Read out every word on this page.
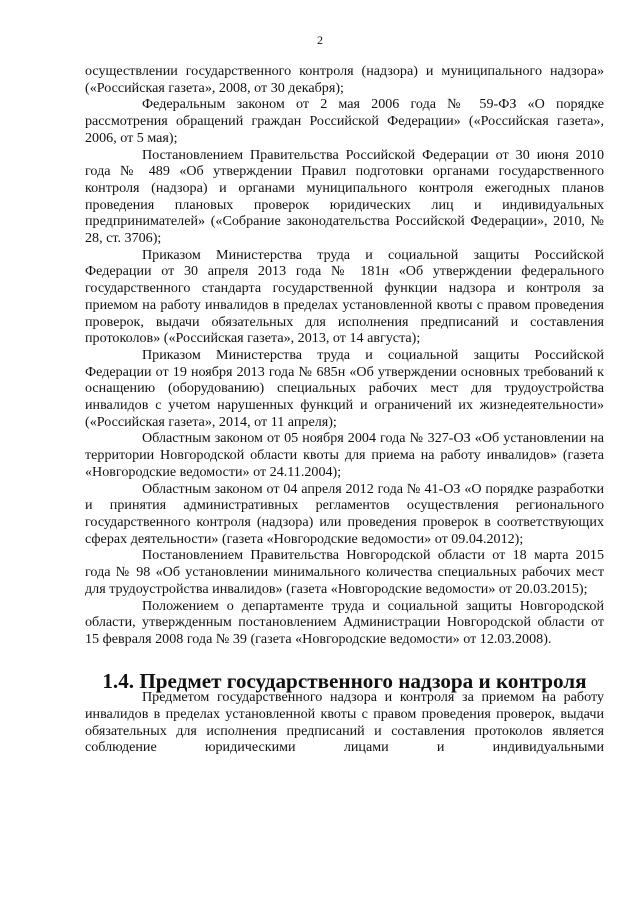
2

осуществлении государственного контроля (надзора) и муниципального надзора» («Российская газета», 2008, от 30 декабря);

Федеральным законом от 2 мая 2006 года № 59-ФЗ «О порядке рассмотрения обращений граждан Российской Федерации» («Российская газета», 2006, от 5 мая);

Постановлением Правительства Российской Федерации от 30 июня 2010 года № 489 «Об утверждении Правил подготовки органами государственного контроля (надзора) и органами муниципального контроля ежегодных планов проведения плановых проверок юридических лиц и индивидуальных предпринимателей» («Собрание законодательства Российской Федерации», 2010, № 28, ст. 3706);

Приказом Министерства труда и социальной защиты Российской Федерации от 30 апреля 2013 года № 181н «Об утверждении федерального государственного стандарта государственной функции надзора и контроля за приемом на работу инвалидов в пределах установленной квоты с правом проведения проверок, выдачи обязательных для исполнения предписаний и составления протоколов» («Российская газета», 2013, от 14 августа);

Приказом Министерства труда и социальной защиты Российской Федерации от 19 ноября 2013 года № 685н «Об утверждении основных требований к оснащению (оборудованию) специальных рабочих мест для трудоустройства инвалидов с учетом нарушенных функций и ограничений их жизнедеятельности» («Российская газета», 2014, от 11 апреля);

Областным законом от 05 ноября 2004 года № 327-ОЗ «Об установлении на территории Новгородской области квоты для приема на работу инвалидов» (газета «Новгородские ведомости» от 24.11.2004);

Областным законом от 04 апреля 2012 года № 41-ОЗ «О порядке разработки и принятия административных регламентов осуществления регионального государственного контроля (надзора) или проведения проверок в соответствующих сферах деятельности» (газета «Новгородские ведомости» от 09.04.2012);

Постановлением Правительства Новгородской области от 18 марта 2015 года № 98 «Об установлении минимального количества специальных рабочих мест для трудоустройства инвалидов» (газета «Новгородские ведомости» от 20.03.2015);

Положением о департаменте труда и социальной защиты Новгородской области, утвержденным постановлением Администрации Новгородской области от 15 февраля 2008 года № 39 (газета «Новгородские ведомости» от 12.03.2008).

1.4. Предмет государственного надзора и контроля

Предметом государственного надзора и контроля за приемом на работу инвалидов в пределах установленной квоты с правом проведения проверок, выдачи обязательных для исполнения предписаний и составления протоколов является соблюдение юридическими лицами и индивидуальными
